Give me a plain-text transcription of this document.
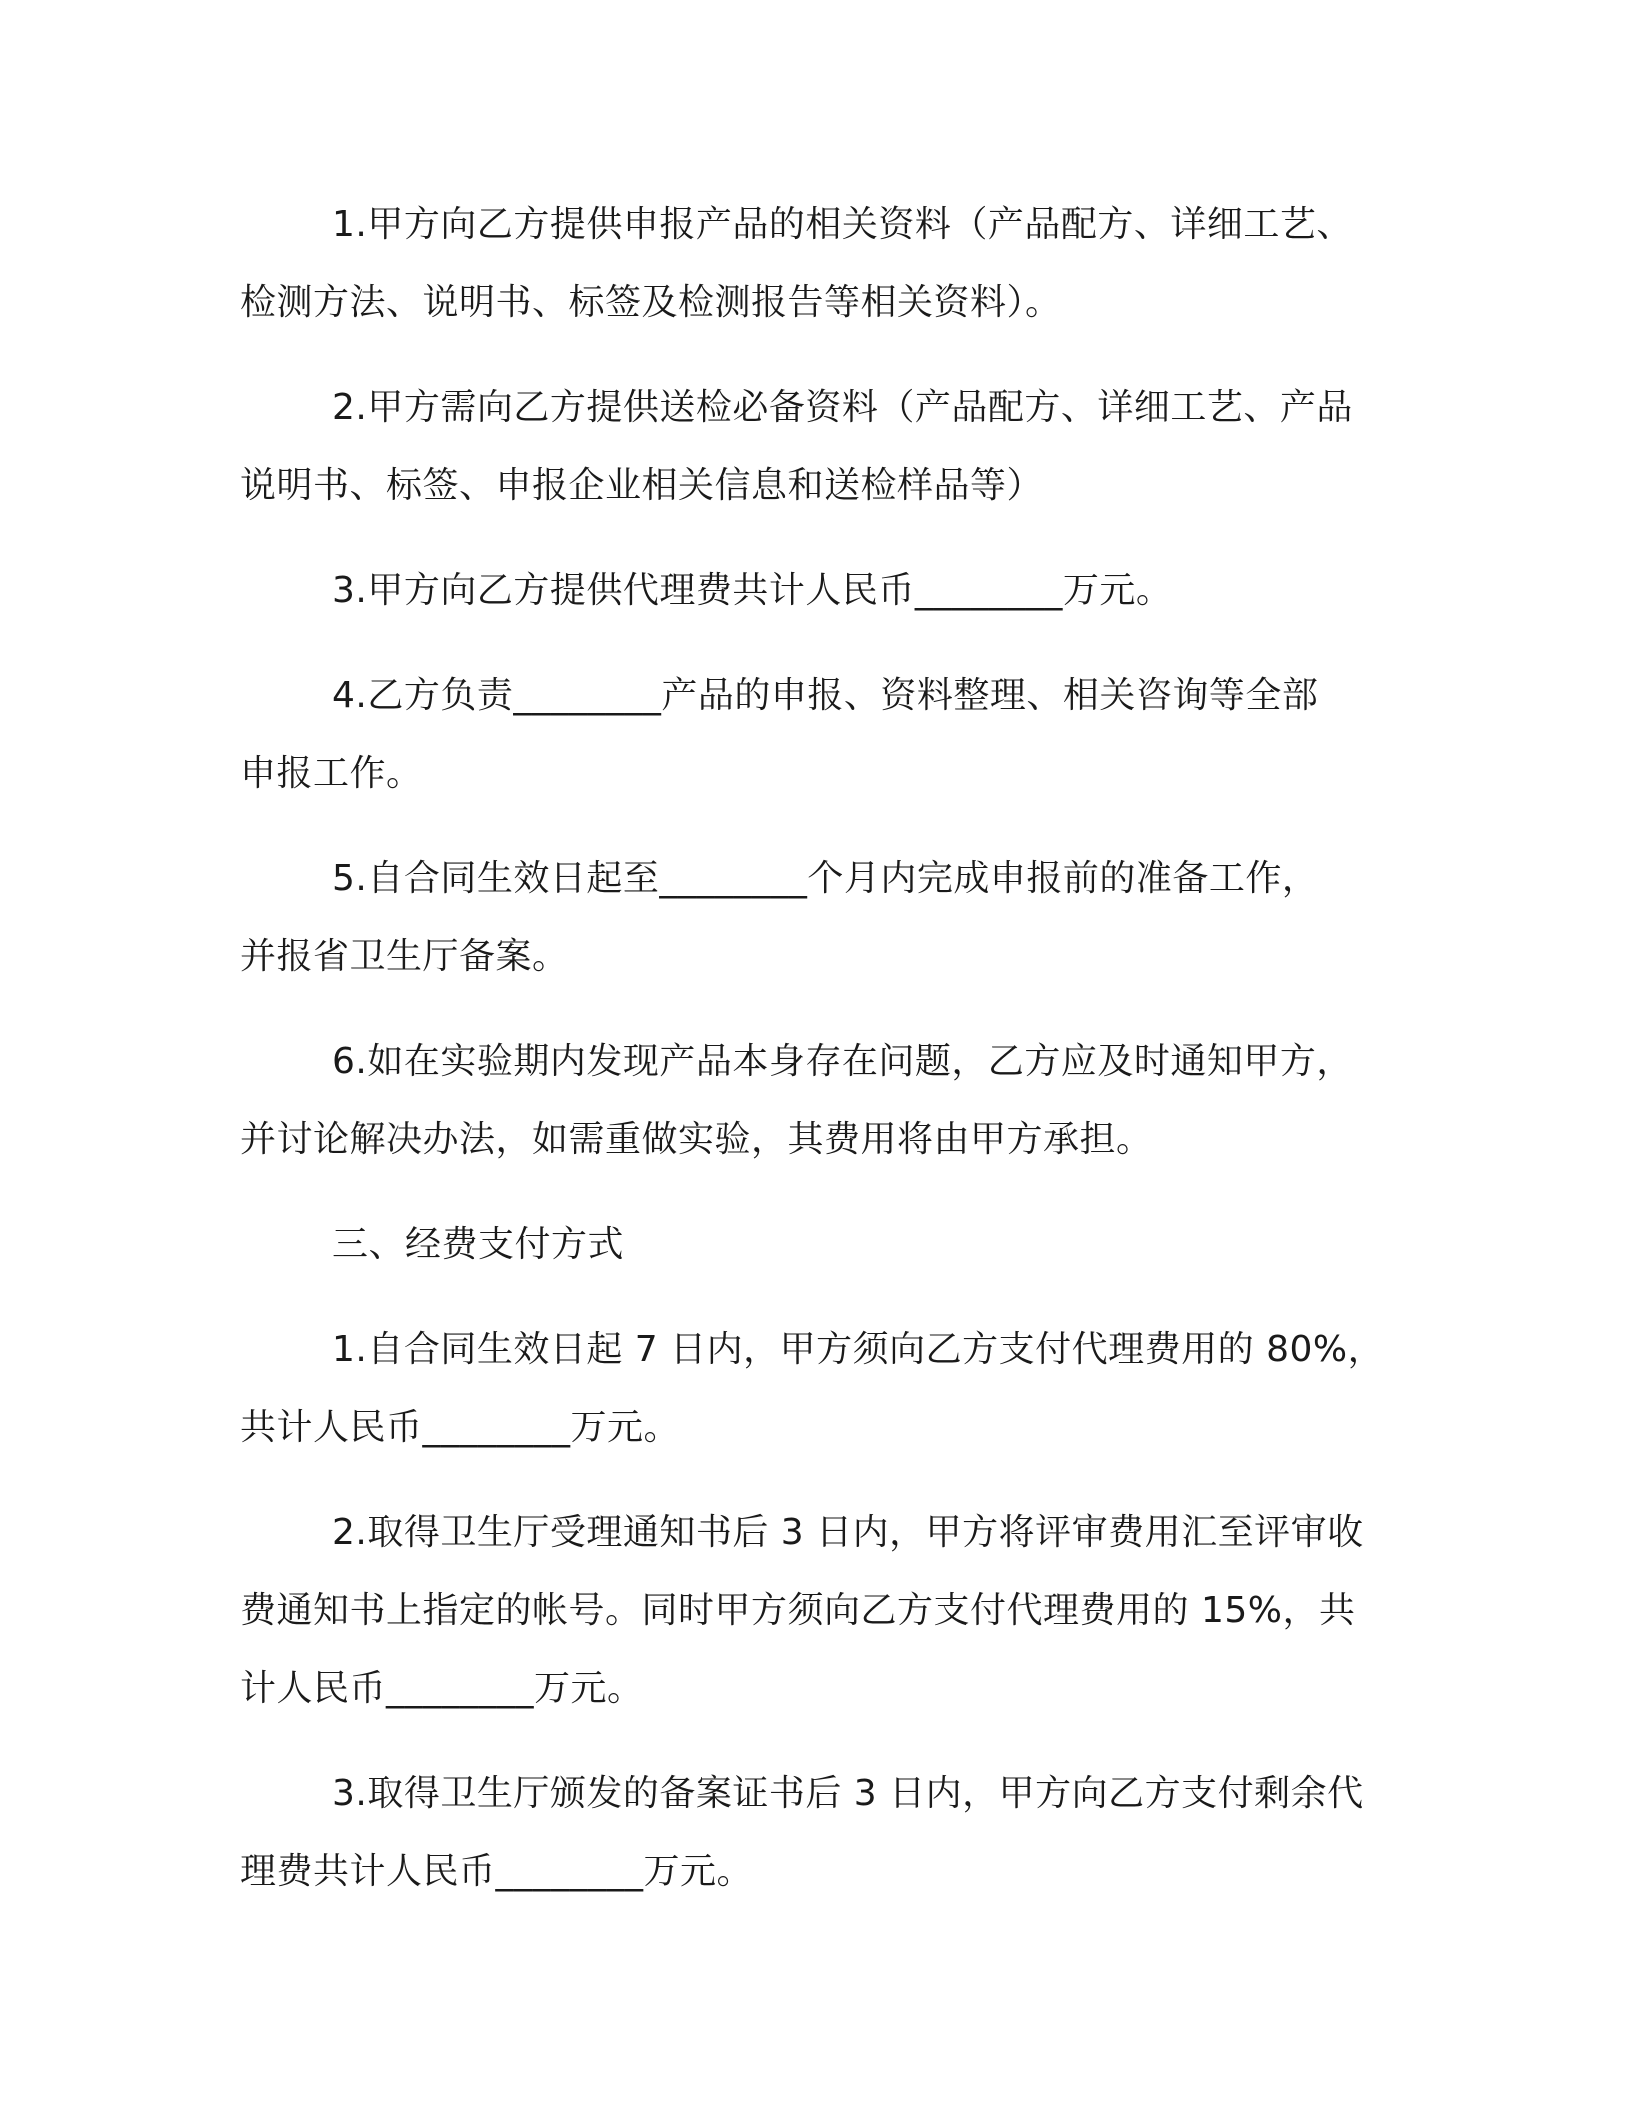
1.甲方向乙方提供申报产品的相关资料（产品配方、详细工艺、
检测方法、说明书、标签及检测报告等相关资料）。
2.甲方需向乙方提供送检必备资料（产品配方、详细工艺、产品
说明书、标签、申报企业相关信息和送检样品等）
3.甲方向乙方提供代理费共计人民币________万元。
4.乙方负责________产品的申报、资料整理、相关咨询等全部
申报工作。
5.自合同生效日起至________个月内完成申报前的准备工作，
并报省卫生厅备案。
6.如在实验期内发现产品本身存在问题，乙方应及时通知甲方，
并讨论解决办法，如需重做实验，其费用将由甲方承担。
三、经费支付方式
1.自合同生效日起 7 日内，甲方须向乙方支付代理费用的 80%，
共计人民币________万元。
2.取得卫生厅受理通知书后 3 日内，甲方将评审费用汇至评审收
费通知书上指定的帐号。同时甲方须向乙方支付代理费用的 15%，共
计人民币________万元。
3.取得卫生厅颁发的备案证书后 3 日内，甲方向乙方支付剩余代
理费共计人民币________万元。
